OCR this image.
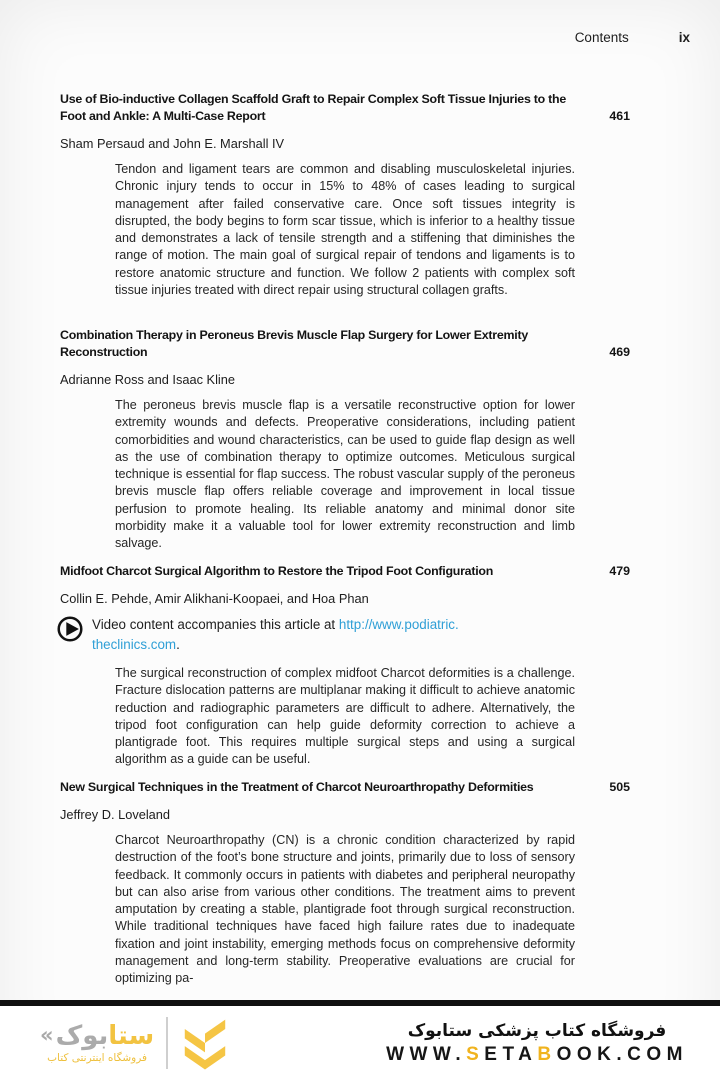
Contents	ix
Use of Bio-inductive Collagen Scaffold Graft to Repair Complex Soft Tissue Injuries to the Foot and Ankle: A Multi-Case Report	461
Sham Persaud and John E. Marshall IV

Tendon and ligament tears are common and disabling musculoskeletal injuries. Chronic injury tends to occur in 15% to 48% of cases leading to surgical management after failed conservative care. Once soft tissues integrity is disrupted, the body begins to form scar tissue, which is inferior to a healthy tissue and demonstrates a lack of tensile strength and a stiffening that diminishes the range of motion. The main goal of surgical repair of tendons and ligaments is to restore anatomic structure and function. We follow 2 patients with complex soft tissue injuries treated with direct repair using structural collagen grafts.

Combination Therapy in Peroneus Brevis Muscle Flap Surgery for Lower Extremity Reconstruction	469
Adrianne Ross and Isaac Kline

The peroneus brevis muscle flap is a versatile reconstructive option for lower extremity wounds and defects. Preoperative considerations, including patient comorbidities and wound characteristics, can be used to guide flap design as well as the use of combination therapy to optimize outcomes. Meticulous surgical technique is essential for flap success. The robust vascular supply of the peroneus brevis muscle flap offers reliable coverage and improvement in local tissue perfusion to promote healing. Its reliable anatomy and minimal donor site morbidity make it a valuable tool for lower extremity reconstruction and limb salvage.

Midfoot Charcot Surgical Algorithm to Restore the Tripod Foot Configuration	479
Collin E. Pehde, Amir Alikhani-Koopaei, and Hoa Phan
Video content accompanies this article at http://www.podiatric.theclinics.com.

The surgical reconstruction of complex midfoot Charcot deformities is a challenge. Fracture dislocation patterns are multiplanar making it difficult to achieve anatomic reduction and radiographic parameters are difficult to adhere. Alternatively, the tripod foot configuration can help guide deformity correction to achieve a plantigrade foot. This requires multiple surgical steps and using a surgical algorithm as a guide can be useful.

New Surgical Techniques in the Treatment of Charcot Neuroarthropathy Deformities	505
Jeffrey D. Loveland

Charcot Neuroarthropathy (CN) is a chronic condition characterized by rapid destruction of the foot’s bone structure and joints, primarily due to loss of sensory feedback. It commonly occurs in patients with diabetes and peripheral neuropathy but can also arise from various other conditions. The treatment aims to prevent amputation by creating a stable, plantigrade foot through surgical reconstruction. While traditional techniques have faced high failure rates due to inadequate fixation and joint instability, emerging methods focus on comprehensive deformity management and long-term stability. Preoperative evaluations are crucial for optimizing pa-

« بوک ستا
فروشگاه اینترنتی کتاب
فروشگاه کتاب پزشکی ستابوک
WWW.SETABOOK.COM
